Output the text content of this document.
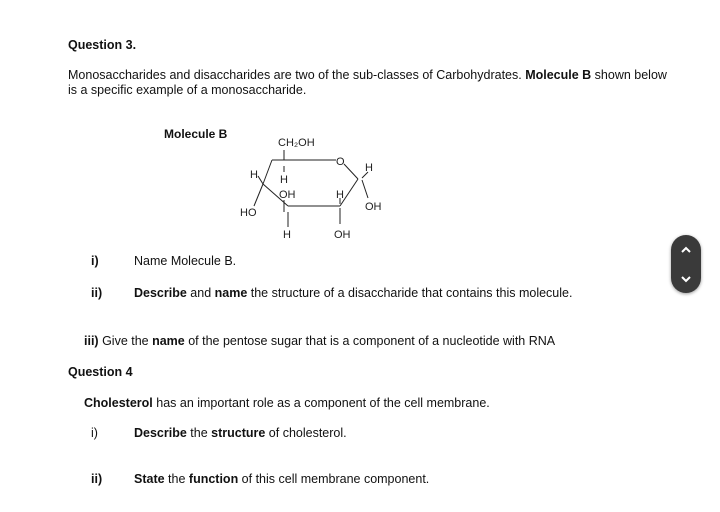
Question 3.
Monosaccharides and disaccharides are two of the sub-classes of Carbohydrates. Molecule B shown below is a specific example of a monosaccharide.
Molecule B
CH₂OH
O
H H
OH	H
H
OH
HO
H	OH
i)	Name Molecule B.
ii)	Describe and name the structure of a disaccharide that contains this molecule.
iii) Give the name of the pentose sugar that is a component of a nucleotide with RNA
Question 4
Cholesterol has an important role as a component of the cell membrane.
i)	Describe the structure of cholesterol.
ii)	State the function of this cell membrane component.
